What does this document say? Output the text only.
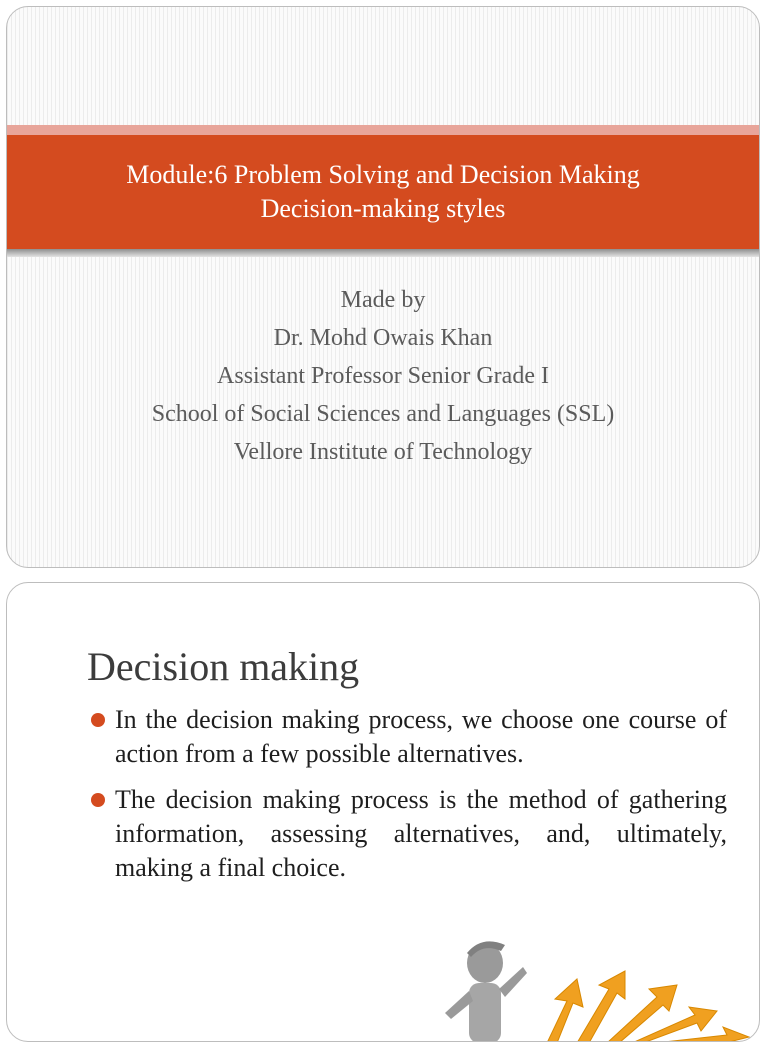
Module:6 Problem Solving and Decision Making
Decision-making styles
Made by
Dr. Mohd Owais Khan
Assistant Professor Senior Grade I
School of Social Sciences and Languages (SSL)
Vellore Institute of Technology
Decision making
In the decision making process, we choose one course of action from a few possible alternatives.
The decision making process is the method of gathering information, assessing alternatives, and, ultimately, making a final choice.
